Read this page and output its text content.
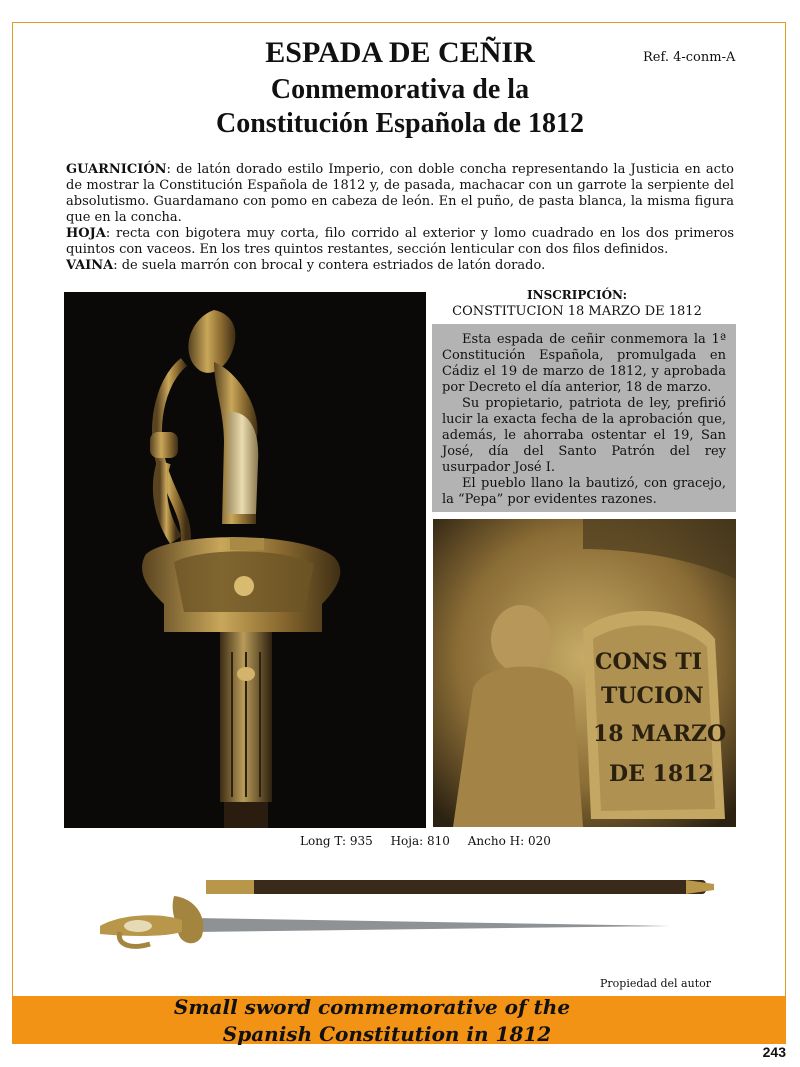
ESPADA DE CEÑIR
Conmemorativa de la
Constitución Española de 1812
Ref. 4-conm-A

GUARNICIÓN: de latón dorado estilo Imperio, con doble concha representando la Justicia en acto de mostrar la Constitución Española de 1812 y, de pasada, machacar con un garrote la serpiente del absolutismo. Guardamano con pomo en cabeza de león. En el puño, de pasta blanca, la misma figura que en la concha.

HOJA: recta con bigotera muy corta, filo corrido al exterior y lomo cuadrado en los dos primeros quintos con vaceos. En los tres quintos restantes, sección lenticular con dos filos definidos.

VAINA: de suela marrón con brocal y contera estriados de latón dorado.

INSCRIPCIÓN:
CONSTITUCION 18 MARZO DE 1812

Esta espada de ceñir conmemora la 1ª Constitución Española, promulgada en Cádiz el 19 de marzo de 1812, y aprobada por Decreto el día anterior, 18 de marzo.

Su propietario, patriota de ley, prefirió lucir la exacta fecha de la aprobación que, además, le ahorraba ostentar el 19, San José, día del Santo Patrón del rey usurpador José I.

El pueblo llano la bautizó, con gracejo, la “Pepa” por evidentes razones.

CONS TI
TUCION
18 MARZO
DE 1812
Long T: 935 Hoja: 810 Ancho H: 020
Propiedad del autor
Small sword commemorative of the
Spanish Constitution in 1812
243
